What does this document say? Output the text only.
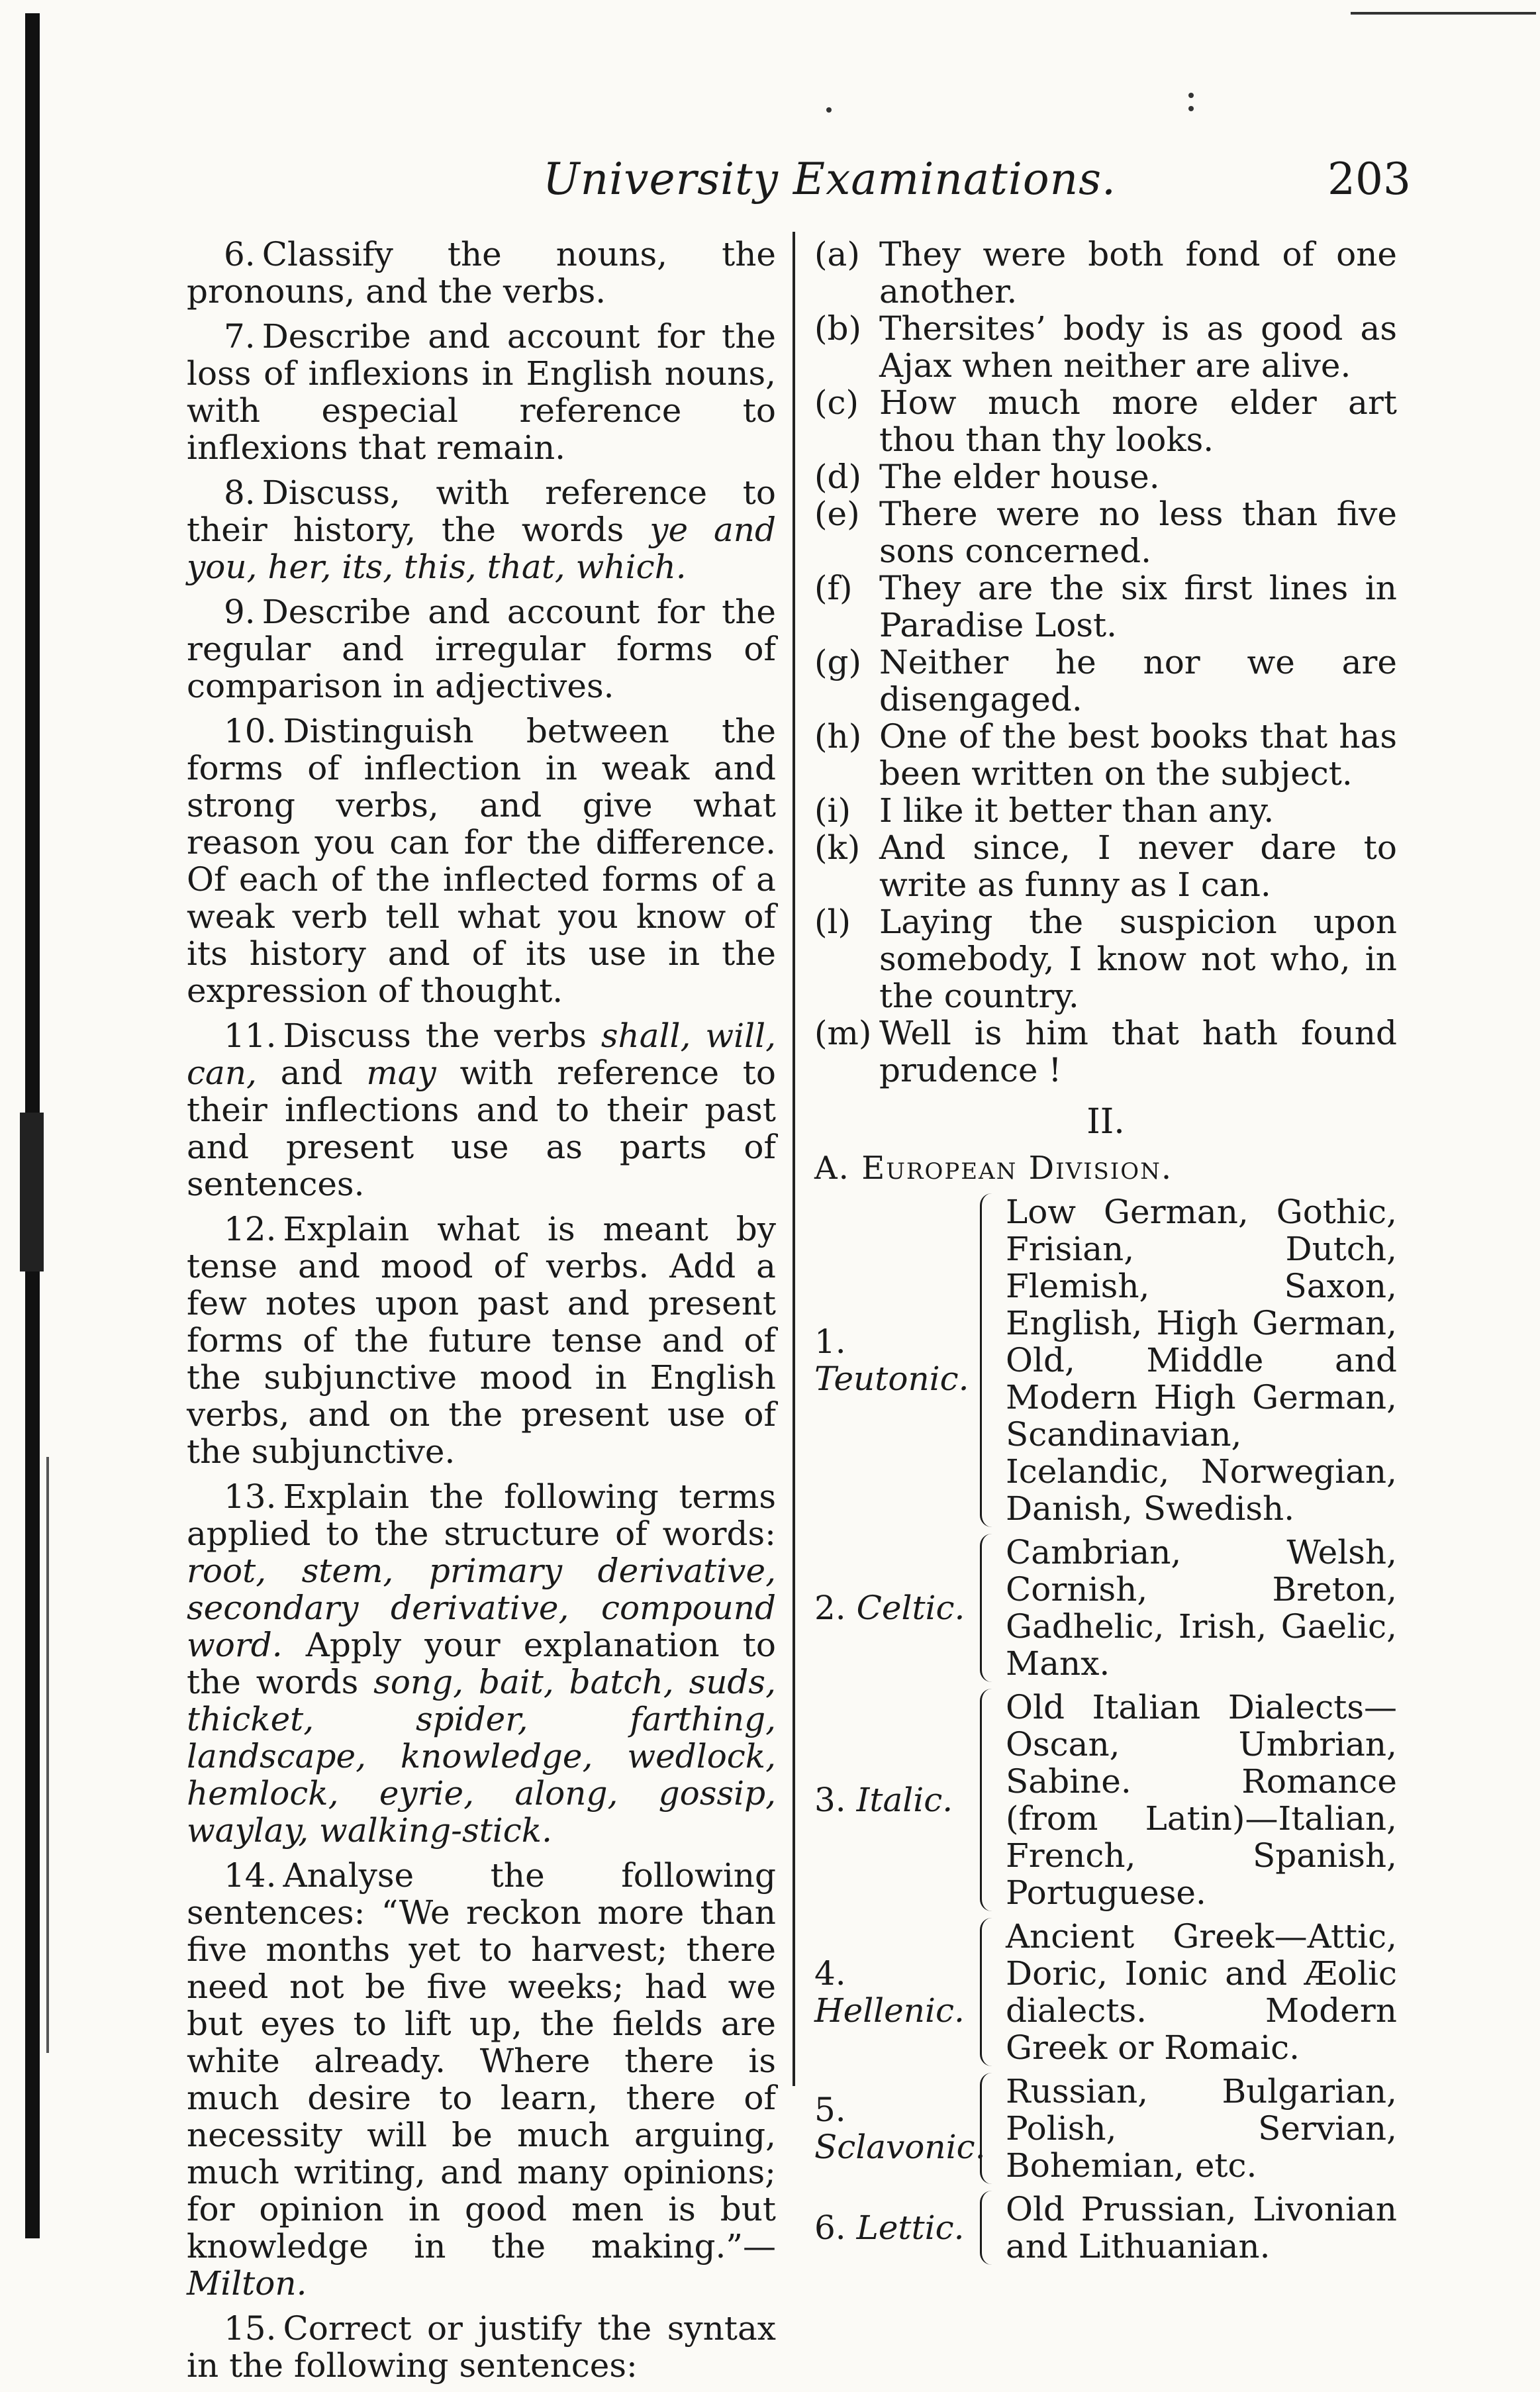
University Examinations.	203

6. Classify the nouns, the pronouns, and the verbs.

7. Describe and account for the loss of inflexions in English nouns, with especial reference to inflexions that remain.

8. Discuss, with reference to their history, the words ye and you, her, its, this, that, which.

9. Describe and account for the regular and irregular forms of comparison in adjectives.

10. Distinguish between the forms of inflection in weak and strong verbs, and give what reason you can for the difference. Of each of the inflected forms of a weak verb tell what you know of its history and of its use in the expression of thought.

11. Discuss the verbs shall, will, can, and may with reference to their inflections and to their past and present use as parts of sentences.

12. Explain what is meant by tense and mood of verbs. Add a few notes upon past and present forms of the future tense and of the subjunctive mood in English verbs, and on the present use of the subjunctive.

13. Explain the following terms applied to the structure of words: root, stem, primary derivative, secondary derivative, compound word. Apply your explanation to the words song, bait, batch, suds, thicket, spider, farthing, landscape, knowledge, wedlock, hemlock, eyrie, along, gossip, waylay, walking-stick.

14. Analyse the following sentences: “We reckon more than five months yet to harvest; there need not be five weeks; had we but eyes to lift up, the fields are white already. Where there is much desire to learn, there of necessity will be much arguing, much writing, and many opinions; for opinion in good men is but knowledge in the making.”—Milton.

15. Correct or justify the syntax in the following sentences:

(a) They were both fond of one another.
(b) Thersites’ body is as good as Ajax when neither are alive.
(c) How much more elder art thou than thy looks.
(d) The elder house.
(e) There were no less than five sons concerned.
(f) They are the six first lines in Paradise Lost.
(g) Neither he nor we are disengaged.
(h) One of the best books that has been written on the subject.
(i) I like it better than any.
(k) And since, I never dare to write as funny as I can.
(l) Laying the suspicion upon somebody, I know not who, in the country.
(m) Well is him that hath found prudence !
II.
A. European Division.
1. Teutonic.
Low German, Gothic, Frisian, Dutch, Flemish, Saxon, English, High German, Old, Middle and Modern High German, Scandinavian, Icelandic, Norwegian, Danish, Swedish.
2. Celtic.
Cambrian, Welsh, Cornish, Breton, Gadhelic, Irish, Gaelic, Manx.
3. Italic.
Old Italian Dialects—Oscan, Umbrian, Sabine. Romance (from Latin)—Italian, French, Spanish, Portuguese.
4. Hellenic.
Ancient Greek—Attic, Doric, Ionic and Æolic dialects. Modern Greek or Romaic.
5. Sclavonic.
Russian, Bulgarian, Polish, Servian, Bohemian, etc.
6. Lettic.	Old Prussian, Livonian and Lithuanian.
